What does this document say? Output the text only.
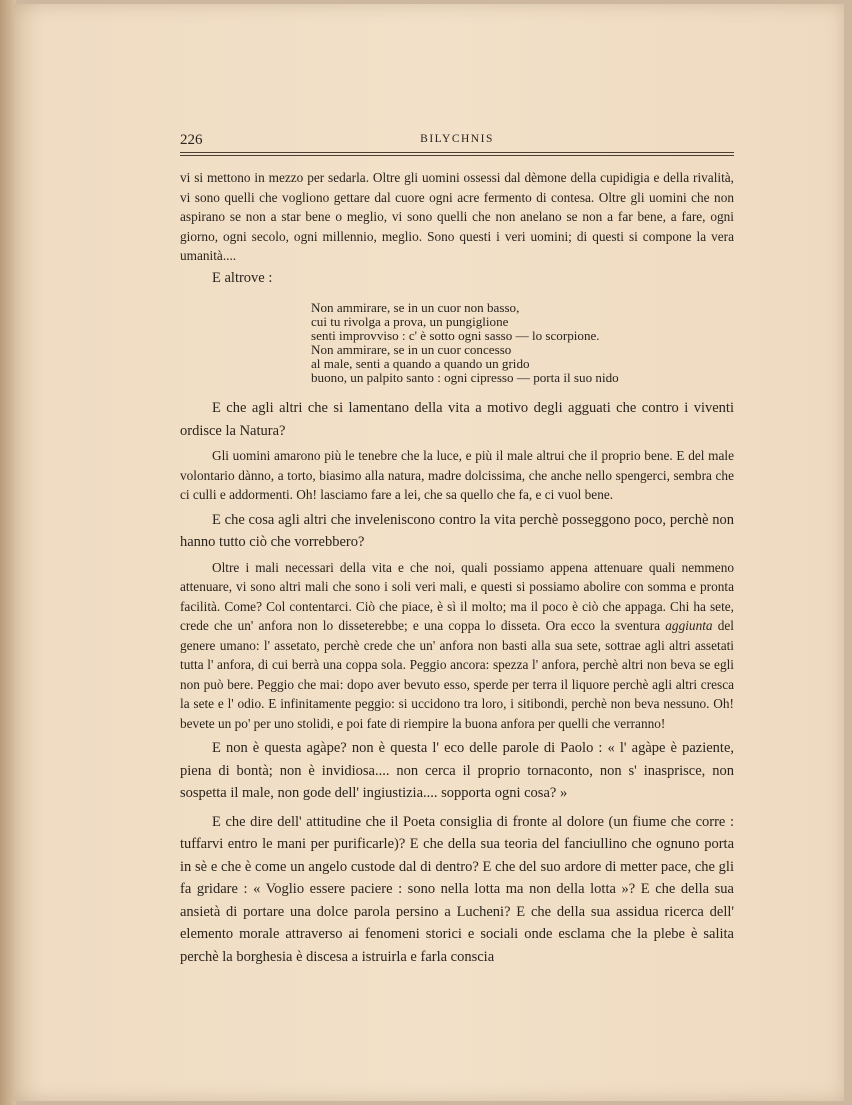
226	BILYCHNIS

vi si mettono in mezzo per sedarla. Oltre gli uomini ossessi dal dèmone della cupidigia e della rivalità, vi sono quelli che vogliono gettare dal cuore ogni acre fermento di contesa. Oltre gli uomini che non aspirano se non a star bene o meglio, vi sono quelli che non anelano se non a far bene, a fare, ogni giorno, ogni secolo, ogni millennio, meglio. Sono questi i veri uomini; di questi si compone la vera umanità....

E altrove :

Non ammirare, se in un cuor non basso,
cui tu rivolga a prova, un pungiglione
senti improvviso : c' è sotto ogni sasso — lo scorpione.
Non ammirare, se in un cuor concesso
al male, senti a quando a quando un grido
buono, un palpito santo : ogni cipresso — porta il suo nido

E che agli altri che si lamentano della vita a motivo degli agguati che contro i viventi ordisce la Natura?

Gli uomini amarono più le tenebre che la luce, e più il male altrui che il proprio bene. E del male volontario dànno, a torto, biasimo alla natura, madre dolcissima, che anche nello spengerci, sembra che ci culli e addormenti. Oh! lasciamo fare a lei, che sa quello che fa, e ci vuol bene.

E che cosa agli altri che inveleniscono contro la vita perchè posseggono poco, perchè non hanno tutto ciò che vorrebbero?

Oltre i mali necessari della vita e che noi, quali possiamo appena attenuare quali nemmeno attenuare, vi sono altri mali che sono i soli veri mali, e questi si possiamo abolire con somma e pronta facilità. Come? Col contentarci. Ciò che piace, è sì il molto; ma il poco è ciò che appaga. Chi ha sete, crede che un' anfora non lo disseterebbe; e una coppa lo disseta. Ora ecco la sventura aggiunta del genere umano: l' assetato, perchè crede che un' anfora non basti alla sua sete, sottrae agli altri assetati tutta l' anfora, di cui berrà una coppa sola. Peggio ancora: spezza l' anfora, perchè altri non beva se egli non può bere. Peggio che mai: dopo aver bevuto esso, sperde per terra il liquore perchè agli altri cresca la sete e l' odio. E infinitamente peggio: si uccidono tra loro, i sitibondi, perchè non beva nessuno. Oh! bevete un po' per uno stolidi, e poi fate di riempire la buona anfora per quelli che verranno!

E non è questa agàpe? non è questa l' eco delle parole di Paolo : « l' agàpe è paziente, piena di bontà; non è invidiosa.... non cerca il proprio tornaconto, non s' inasprisce, non sospetta il male, non gode dell' ingiustizia.... sopporta ogni cosa? »

E che dire dell' attitudine che il Poeta consiglia di fronte al dolore (un fiume che corre : tuffarvi entro le mani per purificarle)? E che della sua teoria del fanciullino che ognuno porta in sè e che è come un angelo custode dal di dentro? E che del suo ardore di metter pace, che gli fa gridare : « Voglio essere paciere : sono nella lotta ma non della lotta »? E che della sua ansietà di portare una dolce parola persino a Lucheni? E che della sua assidua ricerca dell' elemento morale attraverso ai fenomeni storici e sociali onde esclama che la plebe è salita perchè la borghesia è discesa a istruirla e farla conscia
